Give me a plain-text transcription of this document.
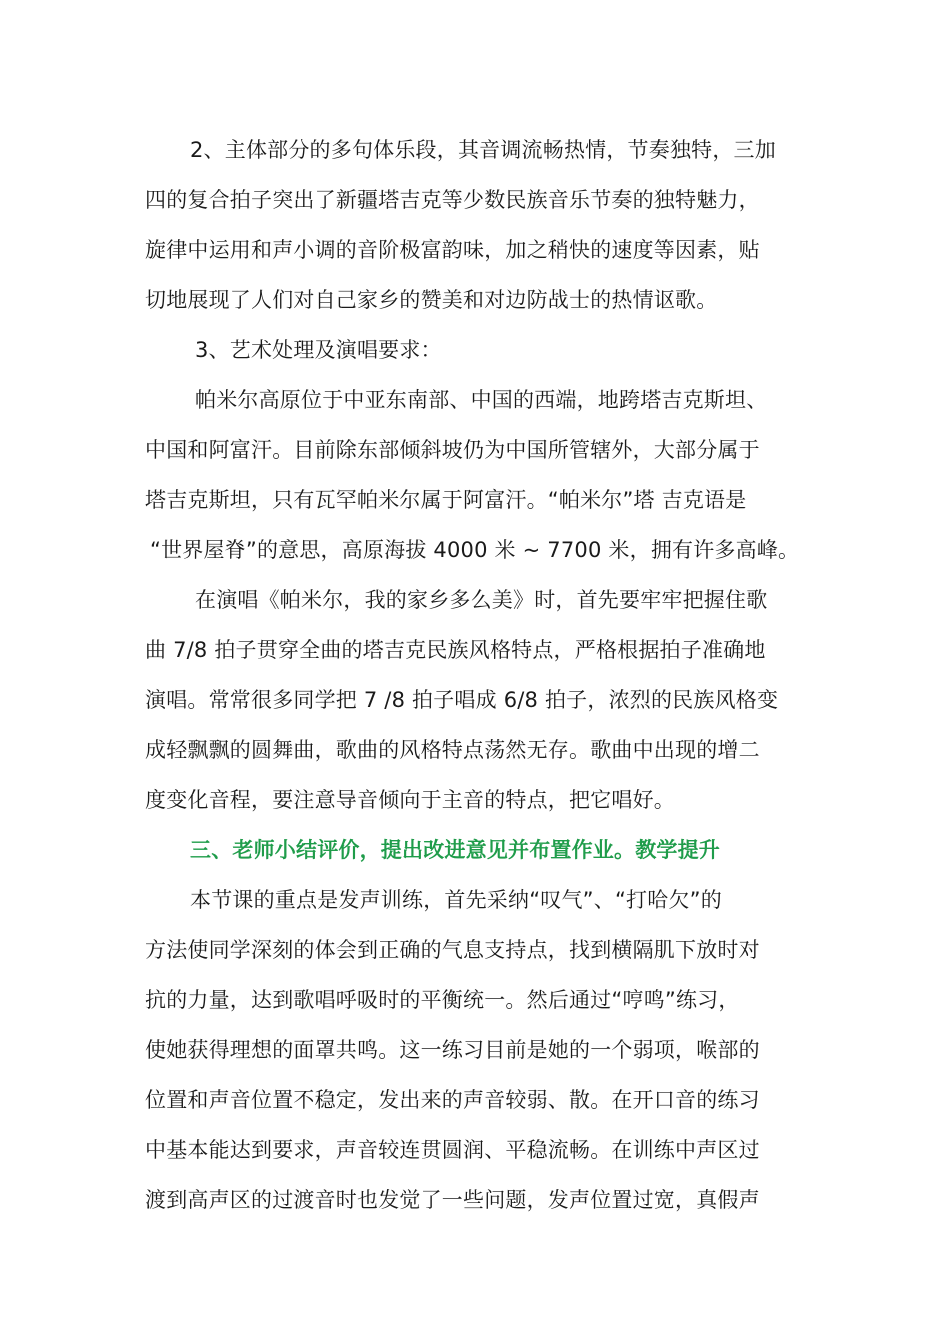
2、主体部分的多句体乐段，其音调流畅热情，节奏独特，三加
四的复合拍子突出了新疆塔吉克等少数民族音乐节奏的独特魅力，
旋律中运用和声小调的音阶极富韵味，加之稍快的速度等因素，贴
切地展现了人们对自己家乡的赞美和对边防战士的热情讴歌。
3、艺术处理及演唱要求：
帕米尔高原位于中亚东南部、中国的西端，地跨塔吉克斯坦、
中国和阿富汗。目前除东部倾斜坡仍为中国所管辖外，大部分属于
塔吉克斯坦，只有瓦罕帕米尔属于阿富汗。“帕米尔”塔 吉克语是
“世界屋脊”的意思，高原海拔 4000 米 ~ 7700 米，拥有许多高峰。
在演唱《帕米尔，我的家乡多么美》时，首先要牢牢把握住歌
曲 7/8 拍子贯穿全曲的塔吉克民族风格特点，严格根据拍子准确地
演唱。常常很多同学把 7 /8 拍子唱成 6/8 拍子，浓烈的民族风格变
成轻飘飘的圆舞曲，歌曲的风格特点荡然无存。歌曲中出现的增二
度变化音程，要注意导音倾向于主音的特点，把它唱好。
三、老师小结评价，提出改进意见并布置作业。教学提升
本节课的重点是发声训练，首先采纳“叹气”、“打哈欠”的
方法使同学深刻的体会到正确的气息支持点，找到横隔肌下放时对
抗的力量，达到歌唱呼吸时的平衡统一。然后通过“哼鸣”练习，
使她获得理想的面罩共鸣。这一练习目前是她的一个弱项，喉部的
位置和声音位置不稳定，发出来的声音较弱、散。在开口音的练习
中基本能达到要求，声音较连贯圆润、平稳流畅。在训练中声区过
渡到高声区的过渡音时也发觉了一些问题，发声位置过宽，真假声
